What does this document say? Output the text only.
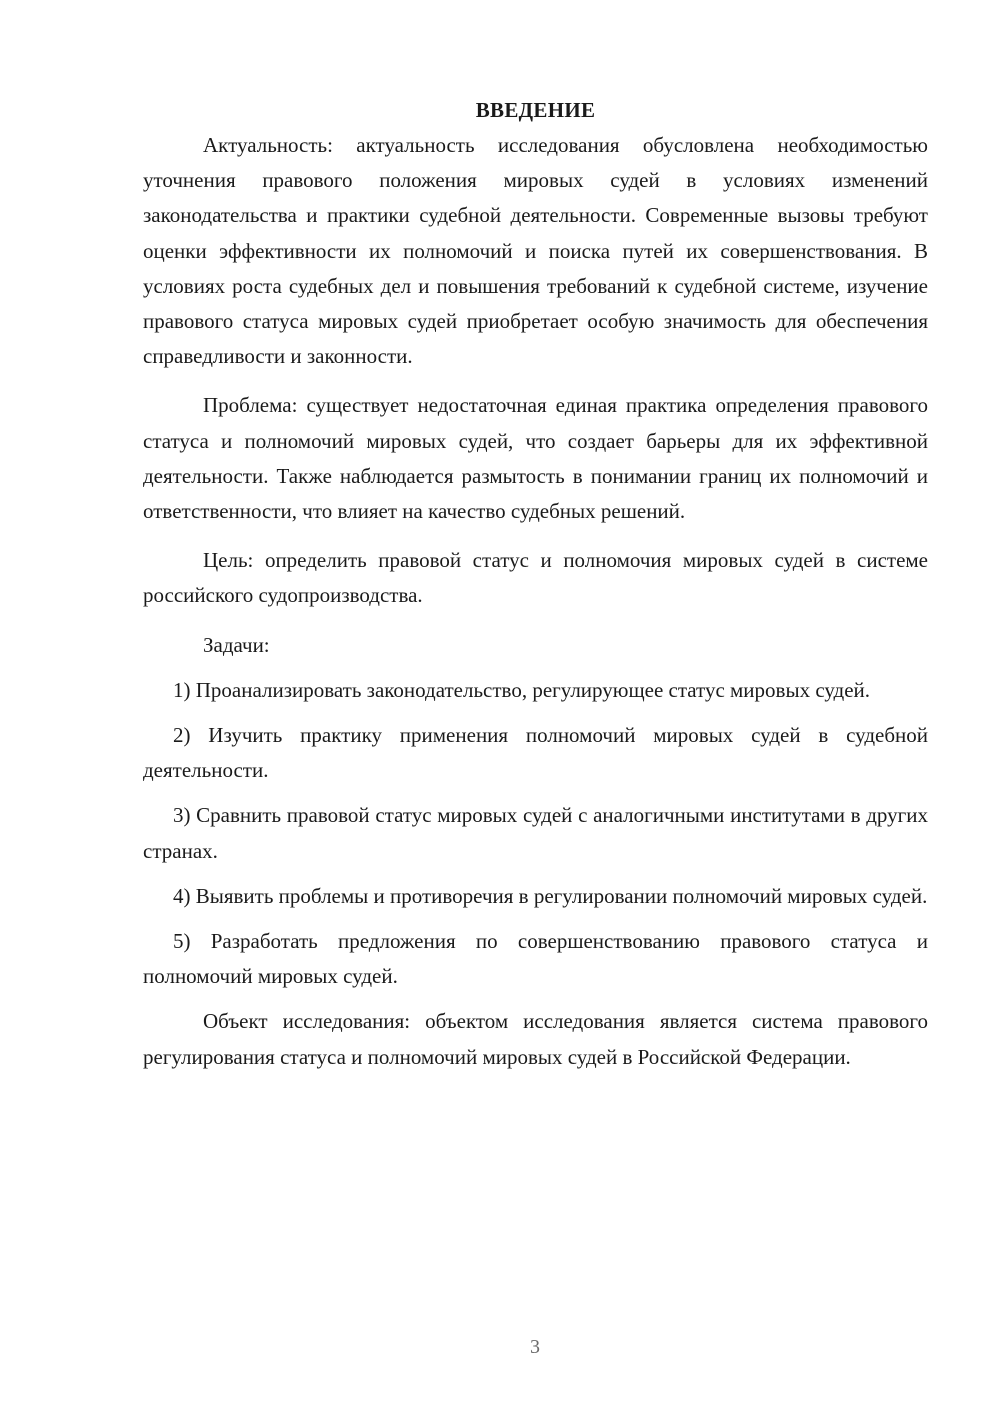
ВВЕДЕНИЕ

Актуальность: актуальность исследования обусловлена необходимостью уточнения правового положения мировых судей в условиях изменений законодательства и практики судебной деятельности. Современные вызовы требуют оценки эффективности их полномочий и поиска путей их совершенствования. В условиях роста судебных дел и повышения требований к судебной системе, изучение правового статуса мировых судей приобретает особую значимость для обеспечения справедливости и законности.

Проблема: существует недостаточная единая практика определения правового статуса и полномочий мировых судей, что создает барьеры для их эффективной деятельности. Также наблюдается размытость в понимании границ их полномочий и ответственности, что влияет на качество судебных решений.

Цель: определить правовой статус и полномочия мировых судей в системе российского судопроизводства.

Задачи:

1) Проанализировать законодательство, регулирующее статус мировых судей.

2) Изучить практику применения полномочий мировых судей в судебной деятельности.

3) Сравнить правовой статус мировых судей с аналогичными институтами в других странах.

4) Выявить проблемы и противоречия в регулировании полномочий мировых судей.

5) Разработать предложения по совершенствованию правового статуса и полномочий мировых судей.

Объект исследования: объектом исследования является система правового регулирования статуса и полномочий мировых судей в Российской Федерации.

3
